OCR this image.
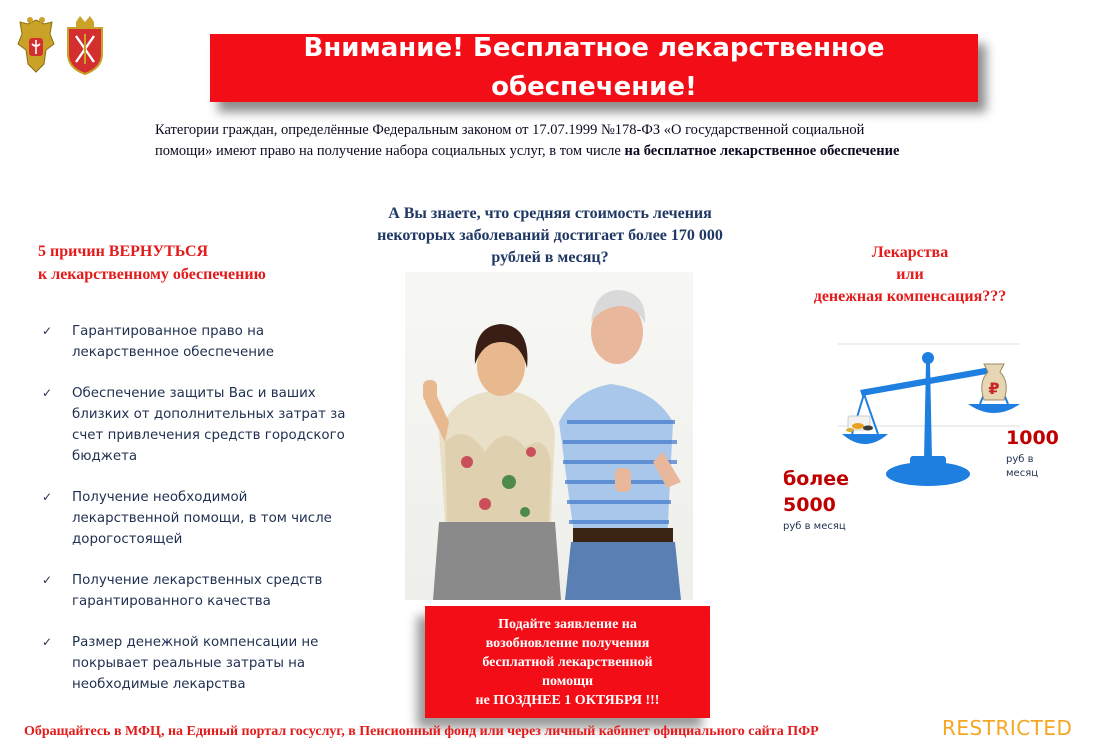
Внимание! Бесплатное лекарственное обеспечение!

Категории граждан, определённые Федеральным законом от 17.07.1999 №178-ФЗ «О государственной социальной

помощи» имеют право на получение набора социальных услуг, в том числе на бесплатное лекарственное обеспечение

А Вы знаете, что средняя стоимость лечения
некоторых заболеваний достигает более 170 000
рублей в месяц?
5 причин ВЕРНУТЬСЯ
к лекарственному обеспечению
✓ Гарантированное право на
лекарственное обеспечение
✓ Обеспечение защиты Вас и ваших
близких от дополнительных затрат за
счет привлечения средств городского
бюджета
✓ Получение необходимой
лекарственной помощи, в том числе
дорогостоящей
✓ Получение лекарственных средств
гарантированного качества
✓ Размер денежной компенсации не
покрывает реальные затраты на
необходимые лекарства
Подайте заявление на
возобновление получения
бесплатной лекарственной
помощи
не ПОЗДНЕЕ 1 ОКТЯБРЯ !!!
Лекарства
или
денежная компенсация???
₽
более
5000
руб в месяц
1000
руб в
месяц
Обращайтесь в МФЦ, на Единый портал госуслуг, в Пенсионный фонд или через личный кабинет официального сайта ПФР	RESTRICTED
